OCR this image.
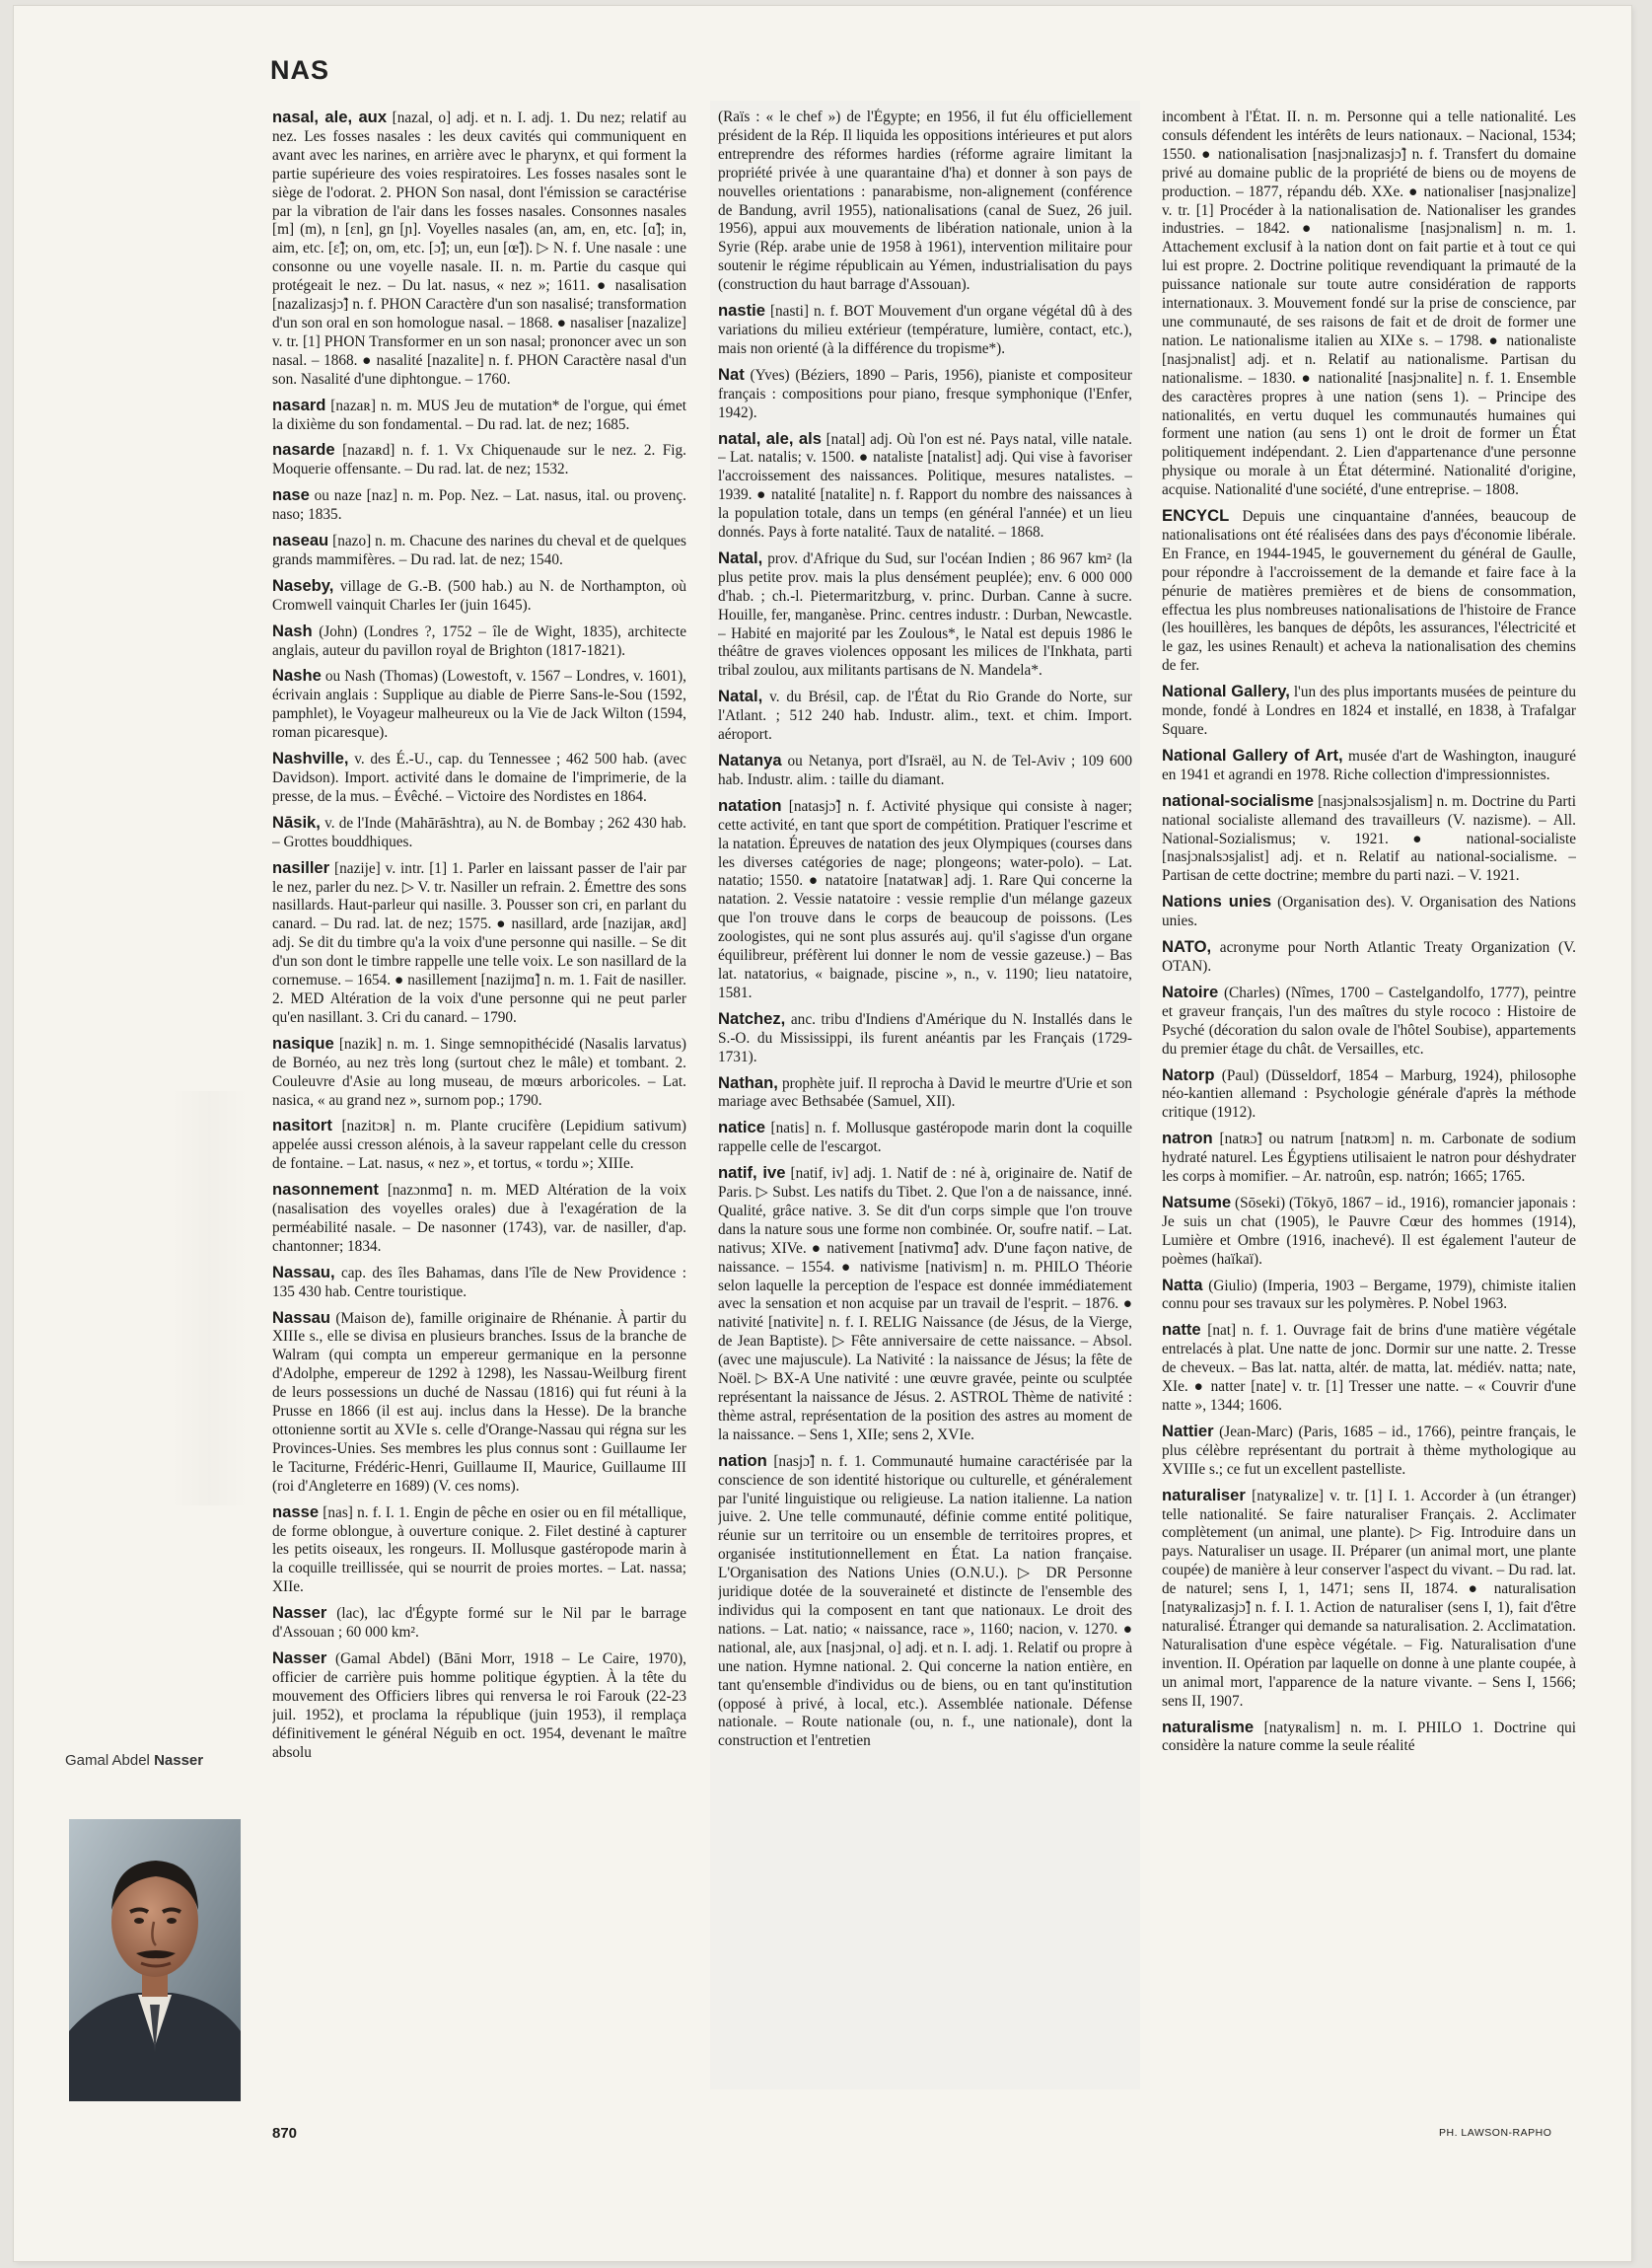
NAS

nasal, ale, aux [nazal, o] adj. et n. I. adj. 1. Du nez; relatif au nez. Les fosses nasales : les deux cavités qui communiquent en avant avec les narines, en arrière avec le pharynx, et qui forment la partie supérieure des voies respiratoires. Les fosses nasales sont le siège de l'odorat. 2. PHON Son nasal, dont l'émission se caractérise par la vibration de l'air dans les fosses nasales. Consonnes nasales [m] (m), n [ɛn], gn [ɲ]. Voyelles nasales (an, am, en, etc. [ɑ̃]; in, aim, etc. [ɛ̃]; on, om, etc. [ɔ̃]; un, eun [œ̃]). ▷ N. f. Une nasale : une consonne ou une voyelle nasale. II. n. m. Partie du casque qui protégeait le nez. – Du lat. nasus, « nez »; 1611. ● nasalisation [nazalizasjɔ̃] n. f. PHON Caractère d'un son nasalisé; transformation d'un son oral en son homologue nasal. – 1868. ● nasaliser [nazalize] v. tr. [1] PHON Transformer en un son nasal; prononcer avec un son nasal. – 1868. ● nasalité [nazalite] n. f. PHON Caractère nasal d'un son. Nasalité d'une diphtongue. – 1760.

nasard [nazaʀ] n. m. MUS Jeu de mutation* de l'orgue, qui émet la dixième du son fondamental. – Du rad. lat. de nez; 1685.

nasarde [nazaʀd] n. f. 1. Vx Chiquenaude sur le nez. 2. Fig. Moquerie offensante. – Du rad. lat. de nez; 1532.

nase ou naze [naz] n. m. Pop. Nez. – Lat. nasus, ital. ou provenç. naso; 1835.

naseau [nazo] n. m. Chacune des narines du cheval et de quelques grands mammifères. – Du rad. lat. de nez; 1540.

Naseby, village de G.-B. (500 hab.) au N. de Northampton, où Cromwell vainquit Charles Ier (juin 1645).

Nash (John) (Londres ?, 1752 – île de Wight, 1835), architecte anglais, auteur du pavillon royal de Brighton (1817-1821).

Nashe ou Nash (Thomas) (Lowestoft, v. 1567 – Londres, v. 1601), écrivain anglais : Supplique au diable de Pierre Sans-le-Sou (1592, pamphlet), le Voyageur malheureux ou la Vie de Jack Wilton (1594, roman picaresque).

Nashville, v. des É.-U., cap. du Tennessee ; 462 500 hab. (avec Davidson). Import. activité dans le domaine de l'imprimerie, de la presse, de la mus. – Évêché. – Victoire des Nordistes en 1864.

Nāsik, v. de l'Inde (Mahārāshtra), au N. de Bombay ; 262 430 hab. – Grottes bouddhiques.

nasiller [nazije] v. intr. [1] 1. Parler en laissant passer de l'air par le nez, parler du nez. ▷ V. tr. Nasiller un refrain. 2. Émettre des sons nasillards. Haut-parleur qui nasille. 3. Pousser son cri, en parlant du canard. – Du rad. lat. de nez; 1575. ● nasillard, arde [nazijaʀ, aʀd] adj. Se dit du timbre qu'a la voix d'une personne qui nasille. – Se dit d'un son dont le timbre rappelle une telle voix. Le son nasillard de la cornemuse. – 1654. ● nasillement [nazijmɑ̃] n. m. 1. Fait de nasiller. 2. MED Altération de la voix d'une personne qui ne peut parler qu'en nasillant. 3. Cri du canard. – 1790.

nasique [nazik] n. m. 1. Singe semnopithécidé (Nasalis larvatus) de Bornéo, au nez très long (surtout chez le mâle) et tombant. 2. Couleuvre d'Asie au long museau, de mœurs arboricoles. – Lat. nasica, « au grand nez », surnom pop.; 1790.

nasitort [nazitɔʀ] n. m. Plante crucifère (Lepidium sativum) appelée aussi cresson alénois, à la saveur rappelant celle du cresson de fontaine. – Lat. nasus, « nez », et tortus, « tordu »; XIIIe.

nasonnement [nazɔnmɑ̃] n. m. MED Altération de la voix (nasalisation des voyelles orales) due à l'exagération de la perméabilité nasale. – De nasonner (1743), var. de nasiller, d'ap. chantonner; 1834.

Nassau, cap. des îles Bahamas, dans l'île de New Providence : 135 430 hab. Centre touristique.

Nassau (Maison de), famille originaire de Rhénanie. À partir du XIIIe s., elle se divisa en plusieurs branches. Issus de la branche de Walram (qui compta un empereur germanique en la personne d'Adolphe, empereur de 1292 à 1298), les Nassau-Weilburg firent de leurs possessions un duché de Nassau (1816) qui fut réuni à la Prusse en 1866 (il est auj. inclus dans la Hesse). De la branche ottonienne sortit au XVIe s. celle d'Orange-Nassau qui régna sur les Provinces-Unies. Ses membres les plus connus sont : Guillaume Ier le Taciturne, Frédéric-Henri, Guillaume II, Maurice, Guillaume III (roi d'Angleterre en 1689) (V. ces noms).

nasse [nas] n. f. I. 1. Engin de pêche en osier ou en fil métallique, de forme oblongue, à ouverture conique. 2. Filet destiné à capturer les petits oiseaux, les rongeurs. II. Mollusque gastéropode marin à la coquille treillissée, qui se nourrit de proies mortes. – Lat. nassa; XIIe.

Nasser (lac), lac d'Égypte formé sur le Nil par le barrage d'Assouan ; 60 000 km².

Nasser (Gamal Abdel) (Bāni Morr, 1918 – Le Caire, 1970), officier de carrière puis homme politique égyptien. À la tête du mouvement des Officiers libres qui renversa le roi Farouk (22-23 juil. 1952), et proclama la république (juin 1953), il remplaça définitivement le général Néguib en oct. 1954, devenant le maître absolu

(Raïs : « le chef ») de l'Égypte; en 1956, il fut élu officiellement président de la Rép. Il liquida les oppositions intérieures et put alors entreprendre des réformes hardies (réforme agraire limitant la propriété privée à une quarantaine d'ha) et donner à son pays de nouvelles orientations : panarabisme, non-alignement (conférence de Bandung, avril 1955), nationalisations (canal de Suez, 26 juil. 1956), appui aux mouvements de libération nationale, union à la Syrie (Rép. arabe unie de 1958 à 1961), intervention militaire pour soutenir le régime républicain au Yémen, industrialisation du pays (construction du haut barrage d'Assouan).

nastie [nasti] n. f. BOT Mouvement d'un organe végétal dû à des variations du milieu extérieur (température, lumière, contact, etc.), mais non orienté (à la différence du tropisme*).

Nat (Yves) (Béziers, 1890 – Paris, 1956), pianiste et compositeur français : compositions pour piano, fresque symphonique (l'Enfer, 1942).

natal, ale, als [natal] adj. Où l'on est né. Pays natal, ville natale. – Lat. natalis; v. 1500. ● nataliste [natalist] adj. Qui vise à favoriser l'accroissement des naissances. Politique, mesures natalistes. – 1939. ● natalité [natalite] n. f. Rapport du nombre des naissances à la population totale, dans un temps (en général l'année) et un lieu donnés. Pays à forte natalité. Taux de natalité. – 1868.

Natal, prov. d'Afrique du Sud, sur l'océan Indien ; 86 967 km² (la plus petite prov. mais la plus densément peuplée); env. 6 000 000 d'hab. ; ch.-l. Pietermaritzburg, v. princ. Durban. Canne à sucre. Houille, fer, manganèse. Princ. centres industr. : Durban, Newcastle. – Habité en majorité par les Zoulous*, le Natal est depuis 1986 le théâtre de graves violences opposant les milices de l'Inkhata, parti tribal zoulou, aux militants partisans de N. Mandela*.

Natal, v. du Brésil, cap. de l'État du Rio Grande do Norte, sur l'Atlant. ; 512 240 hab. Industr. alim., text. et chim. Import. aéroport.

Natanya ou Netanya, port d'Israël, au N. de Tel-Aviv ; 109 600 hab. Industr. alim. : taille du diamant.

natation [natasjɔ̃] n. f. Activité physique qui consiste à nager; cette activité, en tant que sport de compétition. Pratiquer l'escrime et la natation. Épreuves de natation des jeux Olympiques (courses dans les diverses catégories de nage; plongeons; water-polo). – Lat. natatio; 1550. ● natatoire [natatwaʀ] adj. 1. Rare Qui concerne la natation. 2. Vessie natatoire : vessie remplie d'un mélange gazeux que l'on trouve dans le corps de beaucoup de poissons. (Les zoologistes, qui ne sont plus assurés auj. qu'il s'agisse d'un organe équilibreur, préfèrent lui donner le nom de vessie gazeuse.) – Bas lat. natatorius, « baignade, piscine », n., v. 1190; lieu natatoire, 1581.

Natchez, anc. tribu d'Indiens d'Amérique du N. Installés dans le S.-O. du Mississippi, ils furent anéantis par les Français (1729-1731).

Nathan, prophète juif. Il reprocha à David le meurtre d'Urie et son mariage avec Bethsabée (Samuel, XII).

natice [natis] n. f. Mollusque gastéropode marin dont la coquille rappelle celle de l'escargot.

natif, ive [natif, iv] adj. 1. Natif de : né à, originaire de. Natif de Paris. ▷ Subst. Les natifs du Tibet. 2. Que l'on a de naissance, inné. Qualité, grâce native. 3. Se dit d'un corps simple que l'on trouve dans la nature sous une forme non combinée. Or, soufre natif. – Lat. nativus; XIVe. ● nativement [nativmɑ̃] adv. D'une façon native, de naissance. – 1554. ● nativisme [nativism] n. m. PHILO Théorie selon laquelle la perception de l'espace est donnée immédiatement avec la sensation et non acquise par un travail de l'esprit. – 1876. ● nativité [nativite] n. f. I. RELIG Naissance (de Jésus, de la Vierge, de Jean Baptiste). ▷ Fête anniversaire de cette naissance. – Absol. (avec une majuscule). La Nativité : la naissance de Jésus; la fête de Noël. ▷ BX-A Une nativité : une œuvre gravée, peinte ou sculptée représentant la naissance de Jésus. 2. ASTROL Thème de nativité : thème astral, représentation de la position des astres au moment de la naissance. – Sens 1, XIIe; sens 2, XVIe.

nation [nasjɔ̃] n. f. 1. Communauté humaine caractérisée par la conscience de son identité historique ou culturelle, et généralement par l'unité linguistique ou religieuse. La nation italienne. La nation juive. 2. Une telle communauté, définie comme entité politique, réunie sur un territoire ou un ensemble de territoires propres, et organisée institutionnellement en État. La nation française. L'Organisation des Nations Unies (O.N.U.). ▷ DR Personne juridique dotée de la souveraineté et distincte de l'ensemble des individus qui la composent en tant que nationaux. Le droit des nations. – Lat. natio; « naissance, race », 1160; nacion, v. 1270. ● national, ale, aux [nasjɔnal, o] adj. et n. I. adj. 1. Relatif ou propre à une nation. Hymne national. 2. Qui concerne la nation entière, en tant qu'ensemble d'individus ou de biens, ou en tant qu'institution (opposé à privé, à local, etc.). Assemblée nationale. Défense nationale. – Route nationale (ou, n. f., une nationale), dont la construction et l'entretien

incombent à l'État. II. n. m. Personne qui a telle nationalité. Les consuls défendent les intérêts de leurs nationaux. – Nacional, 1534; 1550. ● nationalisation [nasjɔnalizasjɔ̃] n. f. Transfert du domaine privé au domaine public de la propriété de biens ou de moyens de production. – 1877, répandu déb. XXe. ● nationaliser [nasjɔnalize] v. tr. [1] Procéder à la nationalisation de. Nationaliser les grandes industries. – 1842. ● nationalisme [nasjɔnalism] n. m. 1. Attachement exclusif à la nation dont on fait partie et à tout ce qui lui est propre. 2. Doctrine politique revendiquant la primauté de la puissance nationale sur toute autre considération de rapports internationaux. 3. Mouvement fondé sur la prise de conscience, par une communauté, de ses raisons de fait et de droit de former une nation. Le nationalisme italien au XIXe s. – 1798. ● nationaliste [nasjɔnalist] adj. et n. Relatif au nationalisme. Partisan du nationalisme. – 1830. ● nationalité [nasjɔnalite] n. f. 1. Ensemble des caractères propres à une nation (sens 1). – Principe des nationalités, en vertu duquel les communautés humaines qui forment une nation (au sens 1) ont le droit de former un État politiquement indépendant. 2. Lien d'appartenance d'une personne physique ou morale à un État déterminé. Nationalité d'origine, acquise. Nationalité d'une société, d'une entreprise. – 1808.

ENCYCL Depuis une cinquantaine d'années, beaucoup de nationalisations ont été réalisées dans des pays d'économie libérale. En France, en 1944-1945, le gouvernement du général de Gaulle, pour répondre à l'accroissement de la demande et faire face à la pénurie de matières premières et de biens de consommation, effectua les plus nombreuses nationalisations de l'histoire de France (les houillères, les banques de dépôts, les assurances, l'électricité et le gaz, les usines Renault) et acheva la nationalisation des chemins de fer.

National Gallery, l'un des plus importants musées de peinture du monde, fondé à Londres en 1824 et installé, en 1838, à Trafalgar Square.

National Gallery of Art, musée d'art de Washington, inauguré en 1941 et agrandi en 1978. Riche collection d'impressionnistes.

national-socialisme [nasjɔnalsɔsjalism] n. m. Doctrine du Parti national socialiste allemand des travailleurs (V. nazisme). – All. National-Sozialismus; v. 1921. ● national-socialiste [nasjɔnalsɔsjalist] adj. et n. Relatif au national-socialisme. – Partisan de cette doctrine; membre du parti nazi. – V. 1921.

Nations unies (Organisation des). V. Organisation des Nations unies.

NATO, acronyme pour North Atlantic Treaty Organization (V. OTAN).

Natoire (Charles) (Nîmes, 1700 – Castelgandolfo, 1777), peintre et graveur français, l'un des maîtres du style rococo : Histoire de Psyché (décoration du salon ovale de l'hôtel Soubise), appartements du premier étage du chât. de Versailles, etc.

Natorp (Paul) (Düsseldorf, 1854 – Marburg, 1924), philosophe néo-kantien allemand : Psychologie générale d'après la méthode critique (1912).

natron [natʀɔ̃] ou natrum [natʀɔm] n. m. Carbonate de sodium hydraté naturel. Les Égyptiens utilisaient le natron pour déshydrater les corps à momifier. – Ar. natroûn, esp. natrón; 1665; 1765.

Natsume (Sōseki) (Tōkyō, 1867 – id., 1916), romancier japonais : Je suis un chat (1905), le Pauvre Cœur des hommes (1914), Lumière et Ombre (1916, inachevé). Il est également l'auteur de poèmes (haïkaï).

Natta (Giulio) (Imperia, 1903 – Bergame, 1979), chimiste italien connu pour ses travaux sur les polymères. P. Nobel 1963.

natte [nat] n. f. 1. Ouvrage fait de brins d'une matière végétale entrelacés à plat. Une natte de jonc. Dormir sur une natte. 2. Tresse de cheveux. – Bas lat. natta, altér. de matta, lat. médiév. natta; nate, XIe. ● natter [nate] v. tr. [1] Tresser une natte. – « Couvrir d'une natte », 1344; 1606.

Nattier (Jean-Marc) (Paris, 1685 – id., 1766), peintre français, le plus célèbre représentant du portrait à thème mythologique au XVIIIe s.; ce fut un excellent pastelliste.

naturaliser [natyʀalize] v. tr. [1] I. 1. Accorder à (un étranger) telle nationalité. Se faire naturaliser Français. 2. Acclimater complètement (un animal, une plante). ▷ Fig. Introduire dans un pays. Naturaliser un usage. II. Préparer (un animal mort, une plante coupée) de manière à leur conserver l'aspect du vivant. – Du rad. lat. de naturel; sens I, 1, 1471; sens II, 1874. ● naturalisation [natyʀalizasjɔ̃] n. f. I. 1. Action de naturaliser (sens I, 1), fait d'être naturalisé. Étranger qui demande sa naturalisation. 2. Acclimatation. Naturalisation d'une espèce végétale. – Fig. Naturalisation d'une invention. II. Opération par laquelle on donne à une plante coupée, à un animal mort, l'apparence de la nature vivante. – Sens I, 1566; sens II, 1907.

naturalisme [natyʀalism] n. m. I. PHILO 1. Doctrine qui considère la nature comme la seule réalité

Gamal Abdel Nasser
870	PH. LAWSON-RAPHO
